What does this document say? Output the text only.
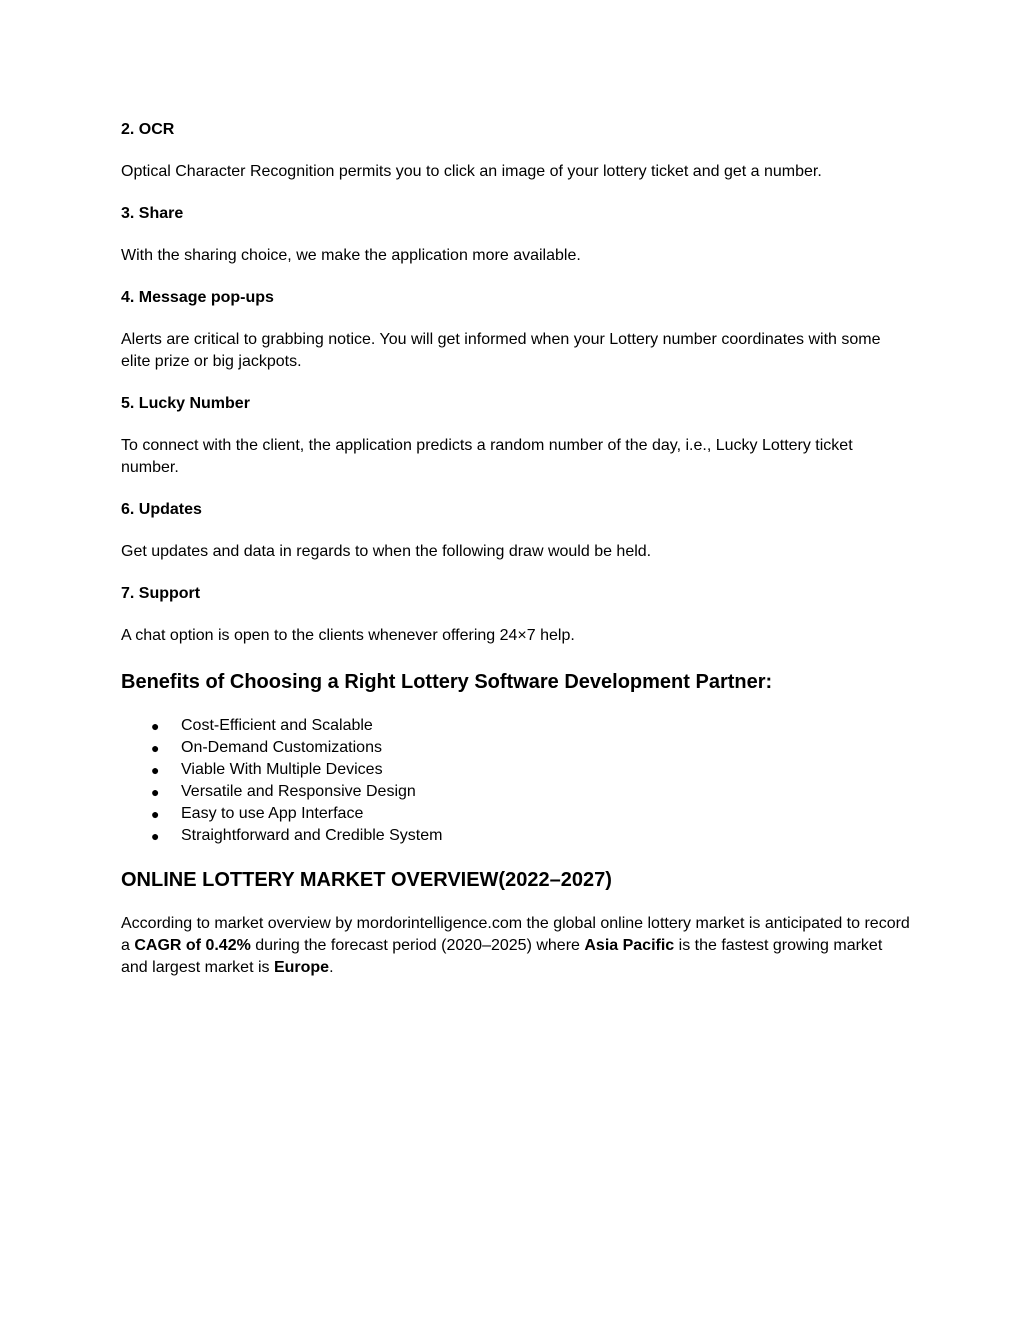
2. OCR

Optical Character Recognition permits you to click an image of your lottery ticket and get a number.

3. Share

With the sharing choice, we make the application more available.

4. Message pop-ups

Alerts are critical to grabbing notice. You will get informed when your Lottery number coordinates with some elite prize or big jackpots.

5. Lucky Number

To connect with the client, the application predicts a random number of the day, i.e., Lucky Lottery ticket number.

6. Updates

Get updates and data in regards to when the following draw would be held.

7. Support

A chat option is open to the clients whenever offering 24×7 help.

Benefits of Choosing a Right Lottery Software Development Partner:
● Cost-Efficient and Scalable
● On-Demand Customizations
● Viable With Multiple Devices
● Versatile and Responsive Design
● Easy to use App Interface
● Straightforward and Credible System
ONLINE LOTTERY MARKET OVERVIEW(2022–2027)

According to market overview by mordorintelligence.com the global online lottery market is anticipated to record a CAGR of 0.42% during the forecast period (2020–2025) where Asia Pacific is the fastest growing market and largest market is Europe.
